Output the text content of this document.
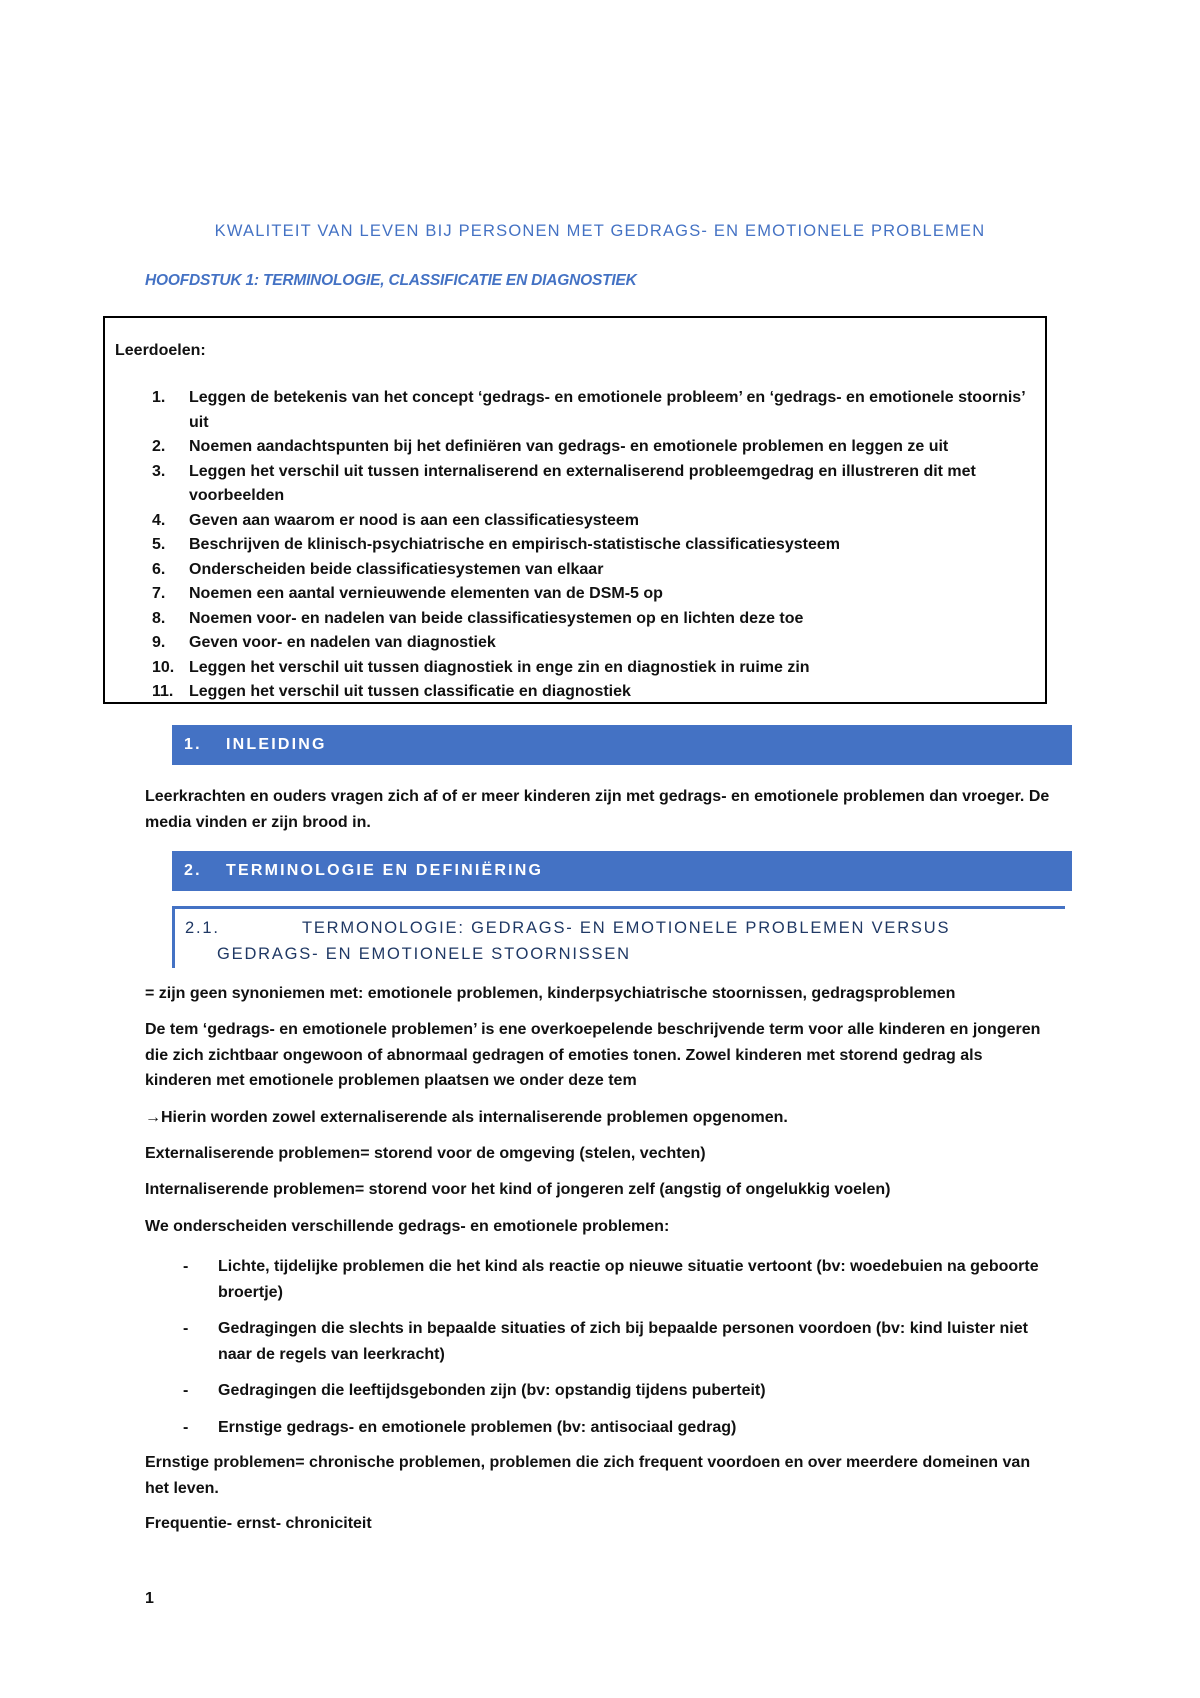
KWALITEIT VAN LEVEN BIJ PERSONEN MET GEDRAGS- EN EMOTIONELE PROBLEMEN
HOOFDSTUK 1: TERMINOLOGIE, CLASSIFICATIE EN DIAGNOSTIEK
Leerdoelen:
1.	Leggen de betekenis van het concept ‘gedrags- en emotionele probleem’ en ‘gedrags- en emotionele stoornis’ uit
2.	Noemen aandachtspunten bij het definiëren van gedrags- en emotionele problemen en leggen ze uit
3.	Leggen het verschil uit tussen internaliserend en externaliserend probleemgedrag en illustreren dit met voorbeelden
4.	Geven aan waarom er nood is aan een classificatiesysteem
5.	Beschrijven de klinisch-psychiatrische en empirisch-statistische classificatiesysteem
6.	Onderscheiden beide classificatiesystemen van elkaar
7.	Noemen een aantal vernieuwende elementen van de DSM-5 op
8.	Noemen voor- en nadelen van beide classificatiesystemen op en lichten deze toe
9.	Geven voor- en nadelen van diagnostiek
10. Leggen het verschil uit tussen diagnostiek in enge zin en diagnostiek in ruime zin
11. Leggen het verschil uit tussen classificatie en diagnostiek
1. INLEIDING

Leerkrachten en ouders vragen zich af of er meer kinderen zijn met gedrags- en emotionele problemen dan vroeger. De media vinden er zijn brood in.

2. TERMINOLOGIE EN DEFINIËRING
2.1.	TERMONOLOGIE: GEDRAGS- EN EMOTIONELE PROBLEMEN VERSUS
GEDRAGS- EN EMOTIONELE STOORNISSEN

= zijn geen synoniemen met: emotionele problemen, kinderpsychiatrische stoornissen, gedragsproblemen

De tem ‘gedrags- en emotionele problemen’ is ene overkoepelende beschrijvende term voor alle kinderen en jongeren die zich zichtbaar ongewoon of abnormaal gedragen of emoties tonen. Zowel kinderen met storend gedrag als kinderen met emotionele problemen plaatsen we onder deze tem

→Hierin worden zowel externaliserende als internaliserende problemen opgenomen.

Externaliserende problemen= storend voor de omgeving (stelen, vechten)

Internaliserende problemen= storend voor het kind of jongeren zelf (angstig of ongelukkig voelen)

We onderscheiden verschillende gedrags- en emotionele problemen:

- Lichte, tijdelijke problemen die het kind als reactie op nieuwe situatie vertoont (bv: woedebuien na geboorte broertje)
- Gedragingen die slechts in bepaalde situaties of zich bij bepaalde personen voordoen (bv: kind luister niet naar de regels van leerkracht)
- Gedragingen die leeftijdsgebonden zijn (bv: opstandig tijdens puberteit)
- Ernstige gedrags- en emotionele problemen (bv: antisociaal gedrag)

Ernstige problemen= chronische problemen, problemen die zich frequent voordoen en over meerdere domeinen van het leven.

Frequentie- ernst- chroniciteit

1
